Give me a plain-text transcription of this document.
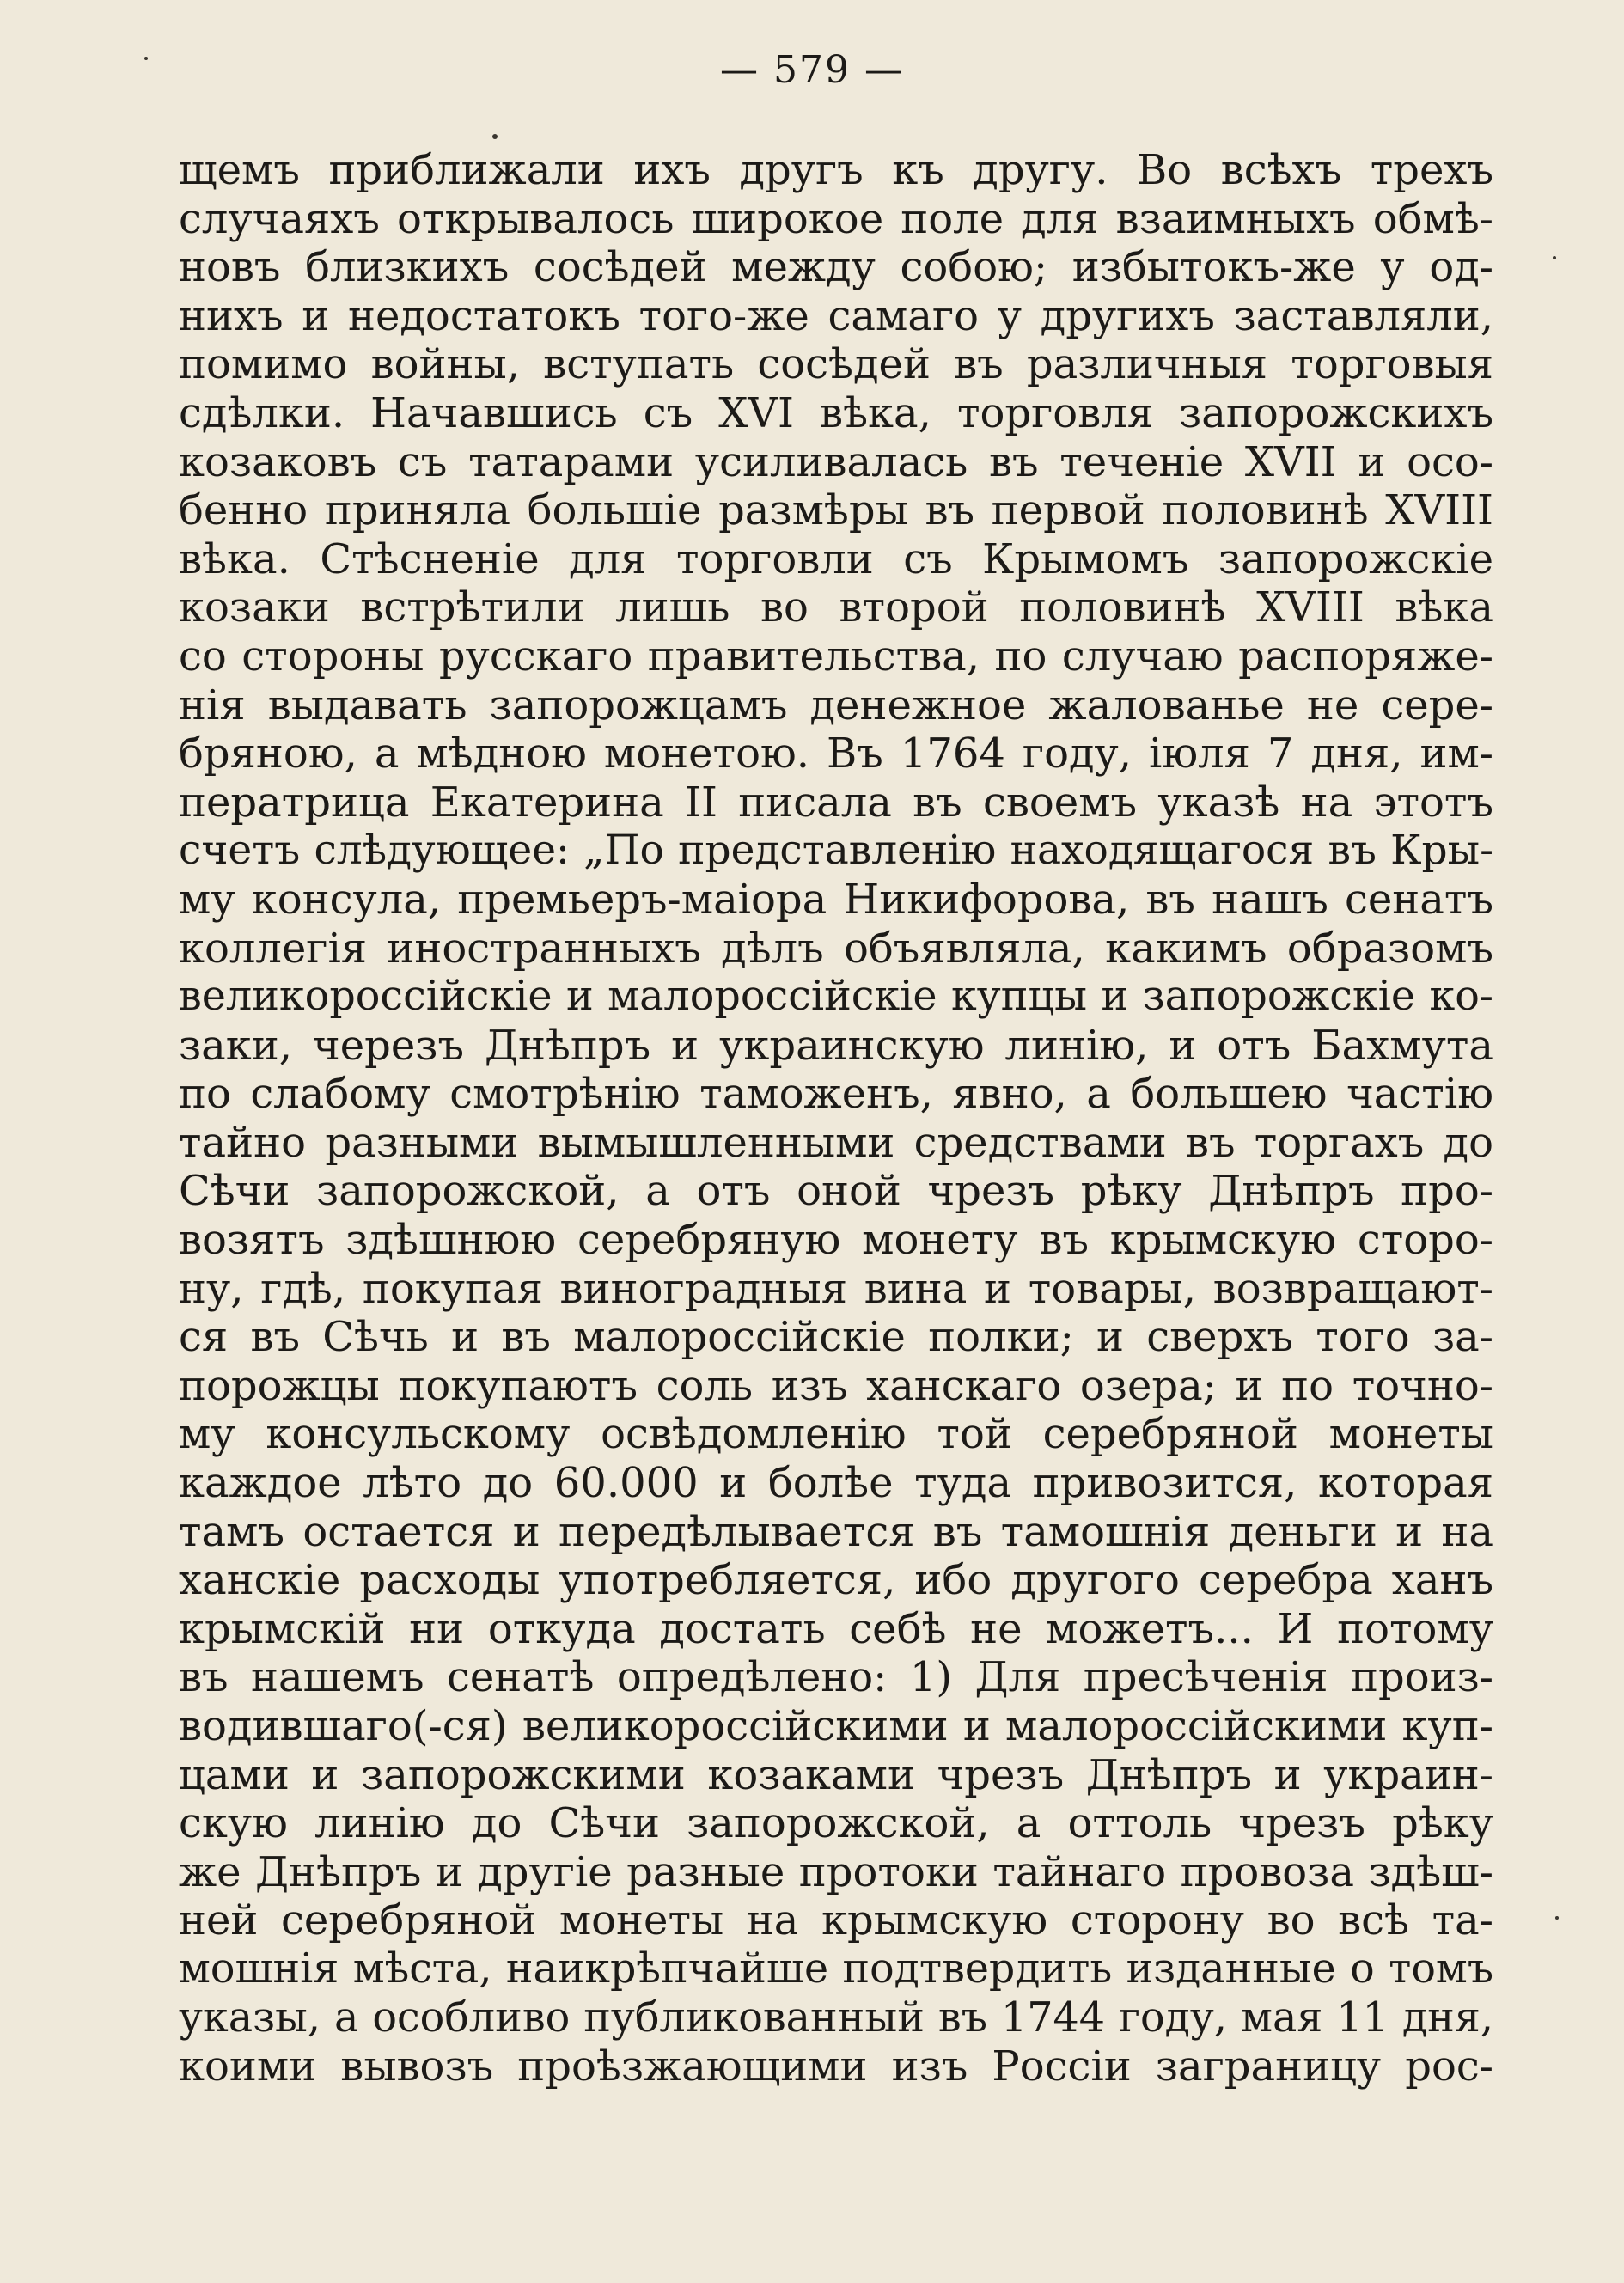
— 579 —
щемъ приближали ихъ другъ къ другу. Во всѣхъ трехъ
случаяхъ открывалось широкое поле для взаимныхъ обмѣ-
новъ близкихъ сосѣдей между собою; избытокъ-же у од-
нихъ и недостатокъ того-же самаго у другихъ заставляли,
помимо войны, вступать сосѣдей въ различныя торговыя
сдѣлки. Начавшись съ XVI вѣка, торговля запорожскихъ
козаковъ съ татарами усиливалась въ теченіе XVII и осо-
бенно приняла большіе размѣры въ первой половинѣ XVIII
вѣка. Стѣсненіе для торговли съ Крымомъ запорожскіе
козаки встрѣтили лишь во второй половинѣ XVIII вѣка
со стороны русскаго правительства, по случаю распоряже-
нія выдавать запорожцамъ денежное жалованье не сере-
бряною, а мѣдною монетою. Въ 1764 году, іюля 7 дня, им-
ператрица Екатерина II писала въ своемъ указѣ на этотъ
счетъ слѣдующее: „По представленію находящагося въ Кры-
му консула, премьеръ-маіора Никифорова, въ нашъ сенатъ
коллегія иностранныхъ дѣлъ объявляла, какимъ образомъ
великороссійскіе и малороссійскіе купцы и запорожскіе ко-
заки, черезъ Днѣпръ и украинскую линію, и отъ Бахмута
по слабому смотрѣнію таможенъ, явно, а большею частію
тайно разными вымышленными средствами въ торгахъ до
Сѣчи запорожской, а отъ оной чрезъ рѣку Днѣпръ про-
возятъ здѣшнюю серебряную монету въ крымскую сторо-
ну, гдѣ, покупая виноградныя вина и товары, возвращают-
ся въ Сѣчь и въ малороссійскіе полки; и сверхъ того за-
порожцы покупаютъ соль изъ ханскаго озера; и по точно-
му консульскому освѣдомленію той серебряной монеты
каждое лѣто до 60.000 и болѣе туда привозится, которая
тамъ остается и передѣлывается въ тамошнія деньги и на
ханскіе расходы употребляется, ибо другого серебра ханъ
крымскій ни откуда достать себѣ не можетъ... И потому
въ нашемъ сенатѣ опредѣлено: 1) Для пресѣченія произ-
водившаго(-ся) великороссійскими и малороссійскими куп-
цами и запорожскими козаками чрезъ Днѣпръ и украин-
скую линію до Сѣчи запорожской, а оттоль чрезъ рѣку
же Днѣпръ и другіе разные протоки тайнаго провоза здѣш-
ней серебряной монеты на крымскую сторону во всѣ та-
мошнія мѣста, наикрѣпчайше подтвердить изданные о томъ
указы, а особливо публикованный въ 1744 году, мая 11 дня,
коими вывозъ проѣзжающими изъ Россіи заграницу рос-
